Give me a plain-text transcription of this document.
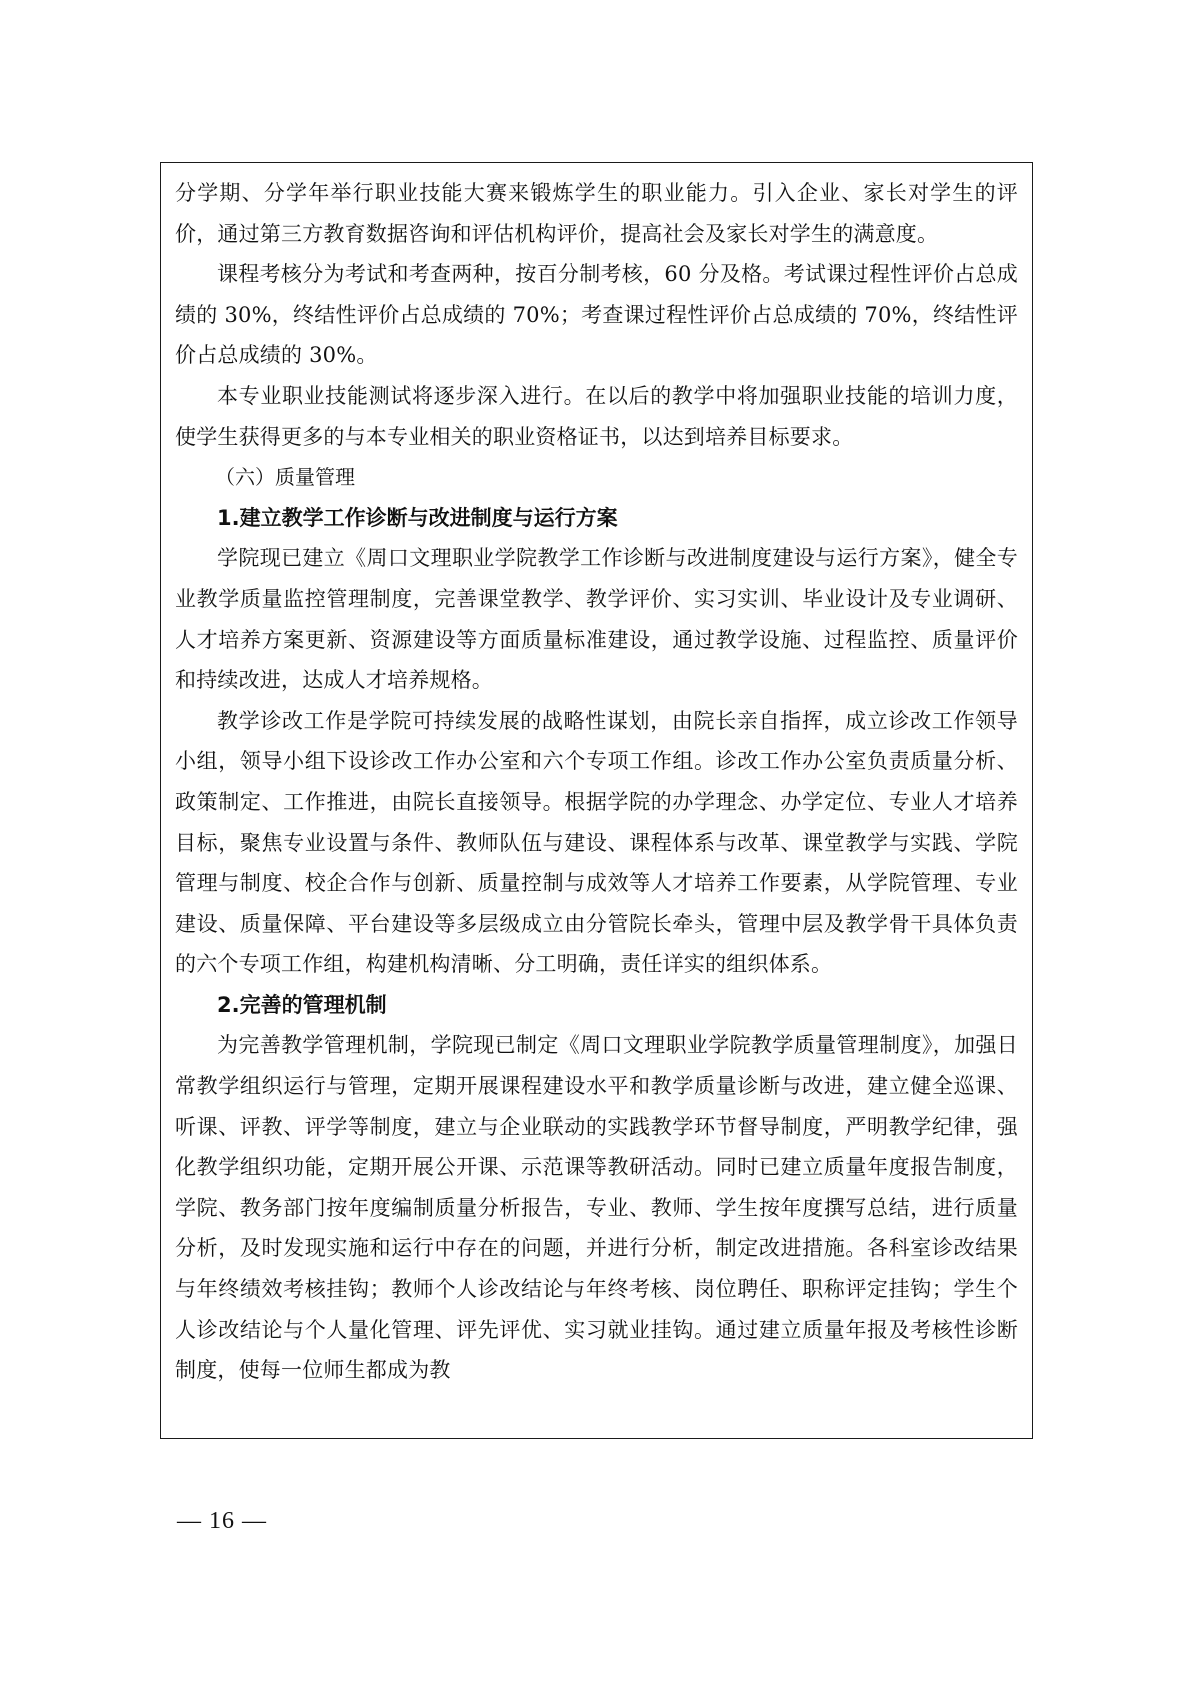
分学期、分学年举行职业技能大赛来锻炼学生的职业能力。引入企业、家长对学生的评价，通过第三方教育数据咨询和评估机构评价，提高社会及家长对学生的满意度。

课程考核分为考试和考查两种，按百分制考核，60 分及格。考试课过程性评价占总成绩的 30%，终结性评价占总成绩的 70%；考查课过程性评价占总成绩的 70%，终结性评价占总成绩的 30%。

本专业职业技能测试将逐步深入进行。在以后的教学中将加强职业技能的培训力度，使学生获得更多的与本专业相关的职业资格证书，以达到培养目标要求。

（六）质量管理

1.建立教学工作诊断与改进制度与运行方案

学院现已建立《周口文理职业学院教学工作诊断与改进制度建设与运行方案》，健全专业教学质量监控管理制度，完善课堂教学、教学评价、实习实训、毕业设计及专业调研、人才培养方案更新、资源建设等方面质量标准建设，通过教学设施、过程监控、质量评价和持续改进，达成人才培养规格。

教学诊改工作是学院可持续发展的战略性谋划，由院长亲自指挥，成立诊改工作领导小组，领导小组下设诊改工作办公室和六个专项工作组。诊改工作办公室负责质量分析、政策制定、工作推进，由院长直接领导。根据学院的办学理念、办学定位、专业人才培养目标，聚焦专业设置与条件、教师队伍与建设、课程体系与改革、课堂教学与实践、学院管理与制度、校企合作与创新、质量控制与成效等人才培养工作要素，从学院管理、专业建设、质量保障、平台建设等多层级成立由分管院长牵头，管理中层及教学骨干具体负责的六个专项工作组，构建机构清晰、分工明确，责任详实的组织体系。

2.完善的管理机制

为完善教学管理机制，学院现已制定《周口文理职业学院教学质量管理制度》，加强日常教学组织运行与管理，定期开展课程建设水平和教学质量诊断与改进，建立健全巡课、听课、评教、评学等制度，建立与企业联动的实践教学环节督导制度，严明教学纪律，强化教学组织功能，定期开展公开课、示范课等教研活动。同时已建立质量年度报告制度，学院、教务部门按年度编制质量分析报告，专业、教师、学生按年度撰写总结，进行质量分析，及时发现实施和运行中存在的问题，并进行分析，制定改进措施。各科室诊改结果与年终绩效考核挂钩；教师个人诊改结论与年终考核、岗位聘任、职称评定挂钩；学生个人诊改结论与个人量化管理、评先评优、实习就业挂钩。通过建立质量年报及考核性诊断制度，使每一位师生都成为教

— 16 —
